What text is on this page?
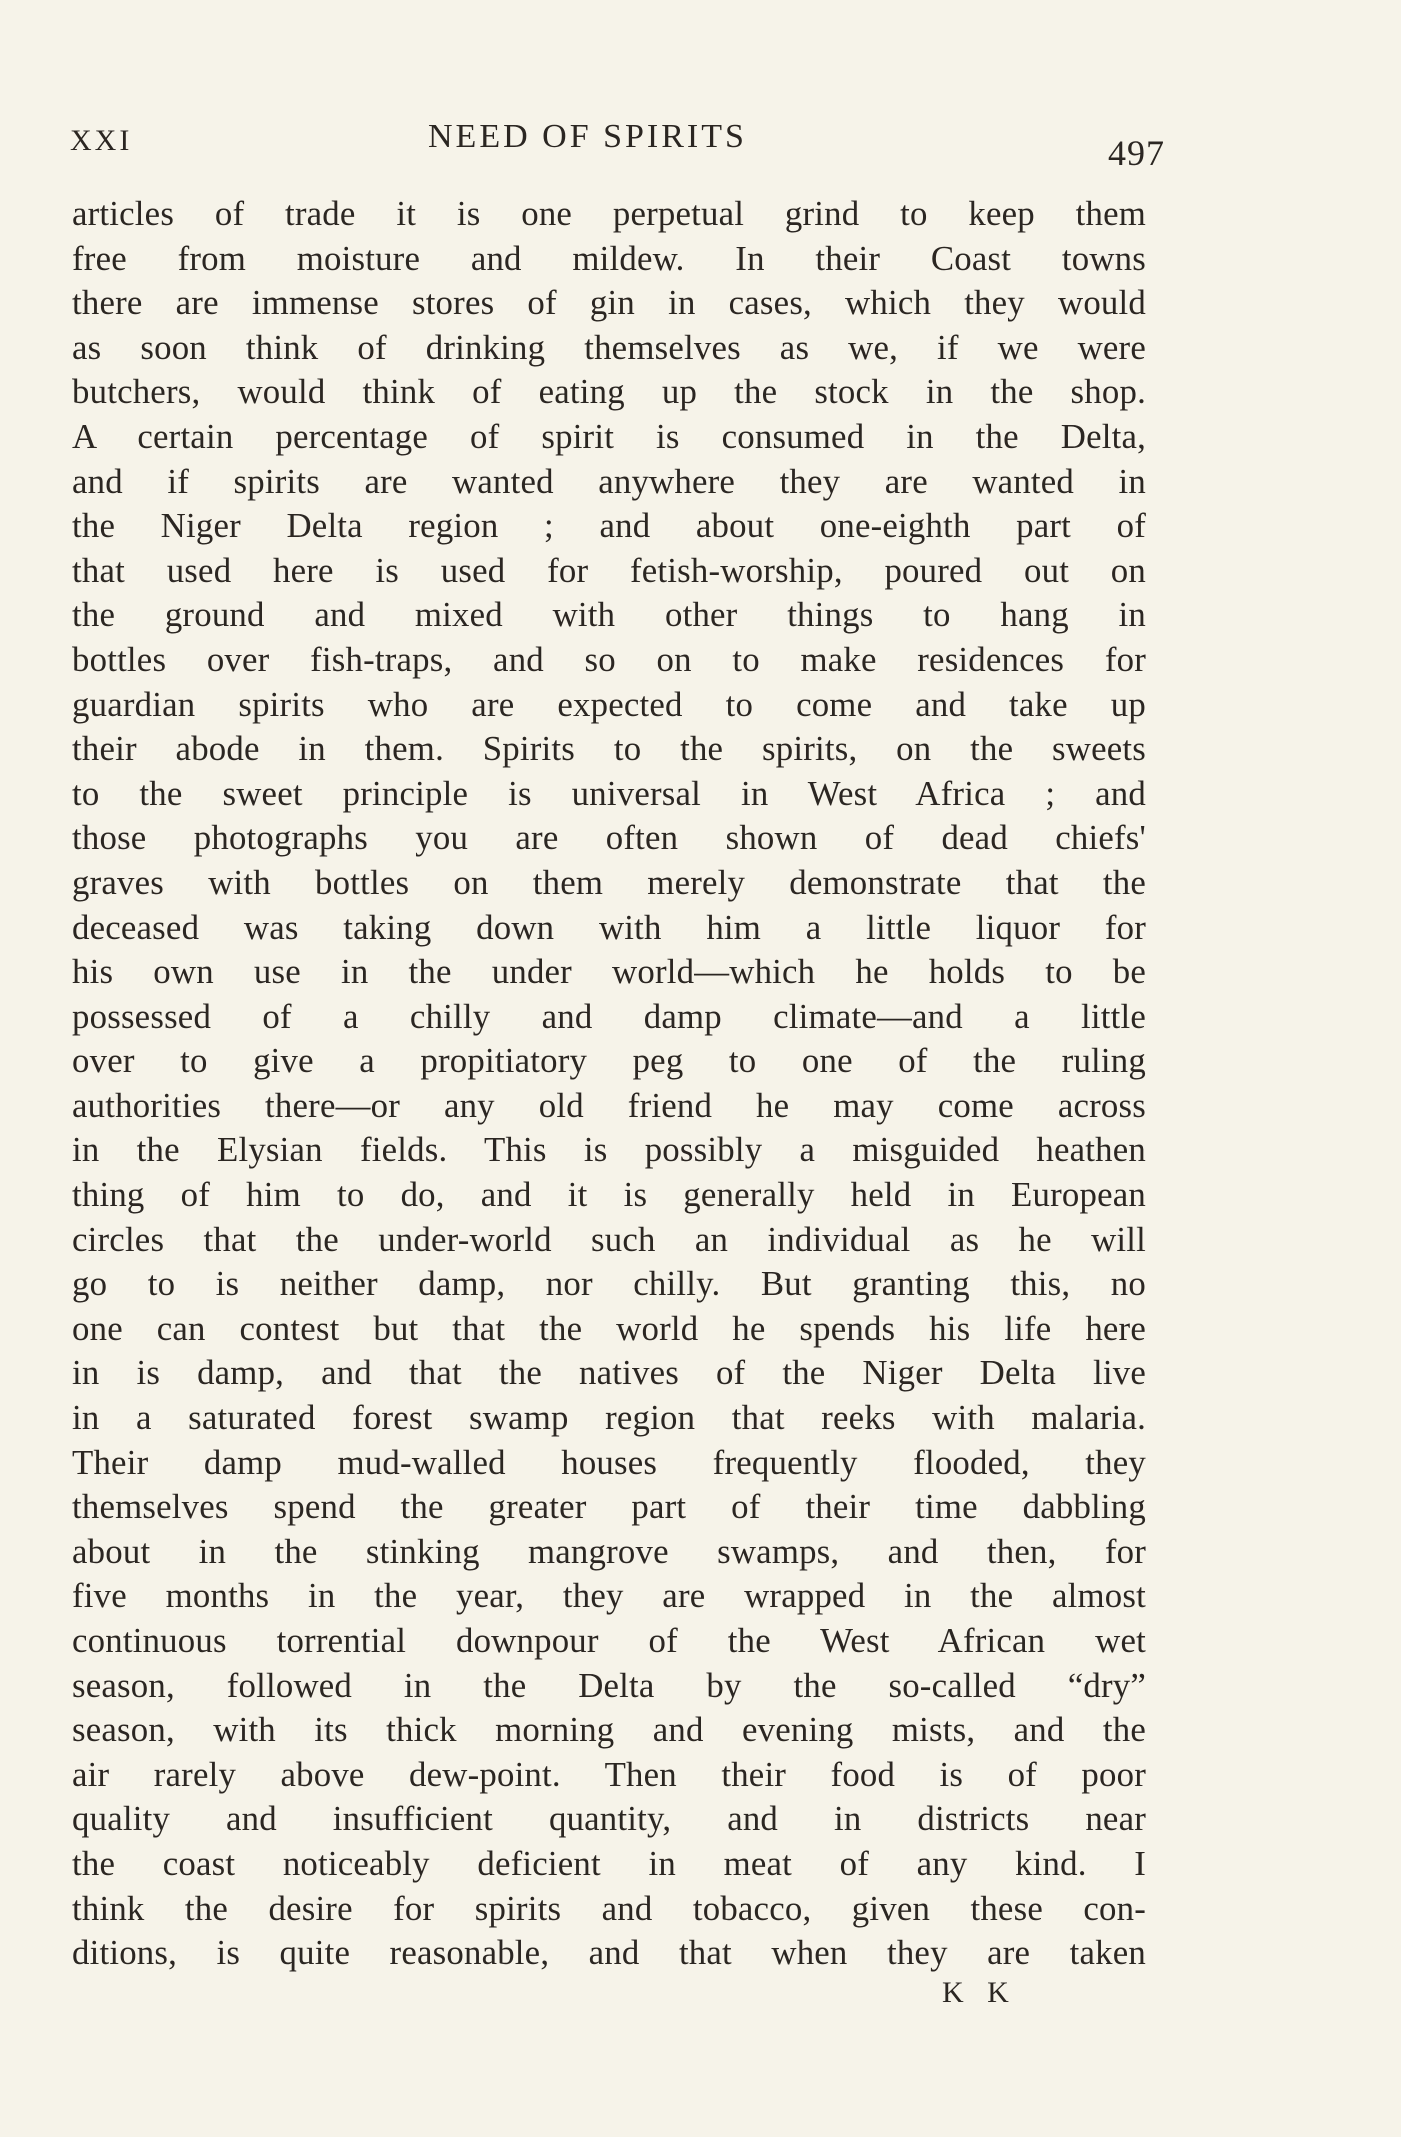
XXI	NEED OF SPIRITS	497
articles of trade it is one perpetual grind to keep them
free from moisture and mildew. In their Coast towns
there are immense stores of gin in cases, which they would
as soon think of drinking themselves as we, if we were
butchers, would think of eating up the stock in the shop.
A certain percentage of spirit is consumed in the Delta,
and if spirits are wanted anywhere they are wanted in
the Niger Delta region ; and about one-eighth part of
that used here is used for fetish-worship, poured out on
the ground and mixed with other things to hang in
bottles over fish-traps, and so on to make residences for
guardian spirits who are expected to come and take up
their abode in them. Spirits to the spirits, on the sweets
to the sweet principle is universal in West Africa ; and
those photographs you are often shown of dead chiefs'
graves with bottles on them merely demonstrate that the
deceased was taking down with him a little liquor for
his own use in the under world—which he holds to be
possessed of a chilly and damp climate—and a little
over to give a propitiatory peg to one of the ruling
authorities there—or any old friend he may come across
in the Elysian fields. This is possibly a misguided heathen
thing of him to do, and it is generally held in European
circles that the under-world such an individual as he will
go to is neither damp, nor chilly. But granting this, no
one can contest but that the world he spends his life here
in is damp, and that the natives of the Niger Delta live
in a saturated forest swamp region that reeks with malaria.
Their damp mud-walled houses frequently flooded, they
themselves spend the greater part of their time dabbling
about in the stinking mangrove swamps, and then, for
five months in the year, they are wrapped in the almost
continuous torrential downpour of the West African wet
season, followed in the Delta by the so-called “dry”
season, with its thick morning and evening mists, and the
air rarely above dew-point. Then their food is of poor
quality and insufficient quantity, and in districts near
the coast noticeably deficient in meat of any kind. I
think the desire for spirits and tobacco, given these con-
ditions, is quite reasonable, and that when they are taken
K K
